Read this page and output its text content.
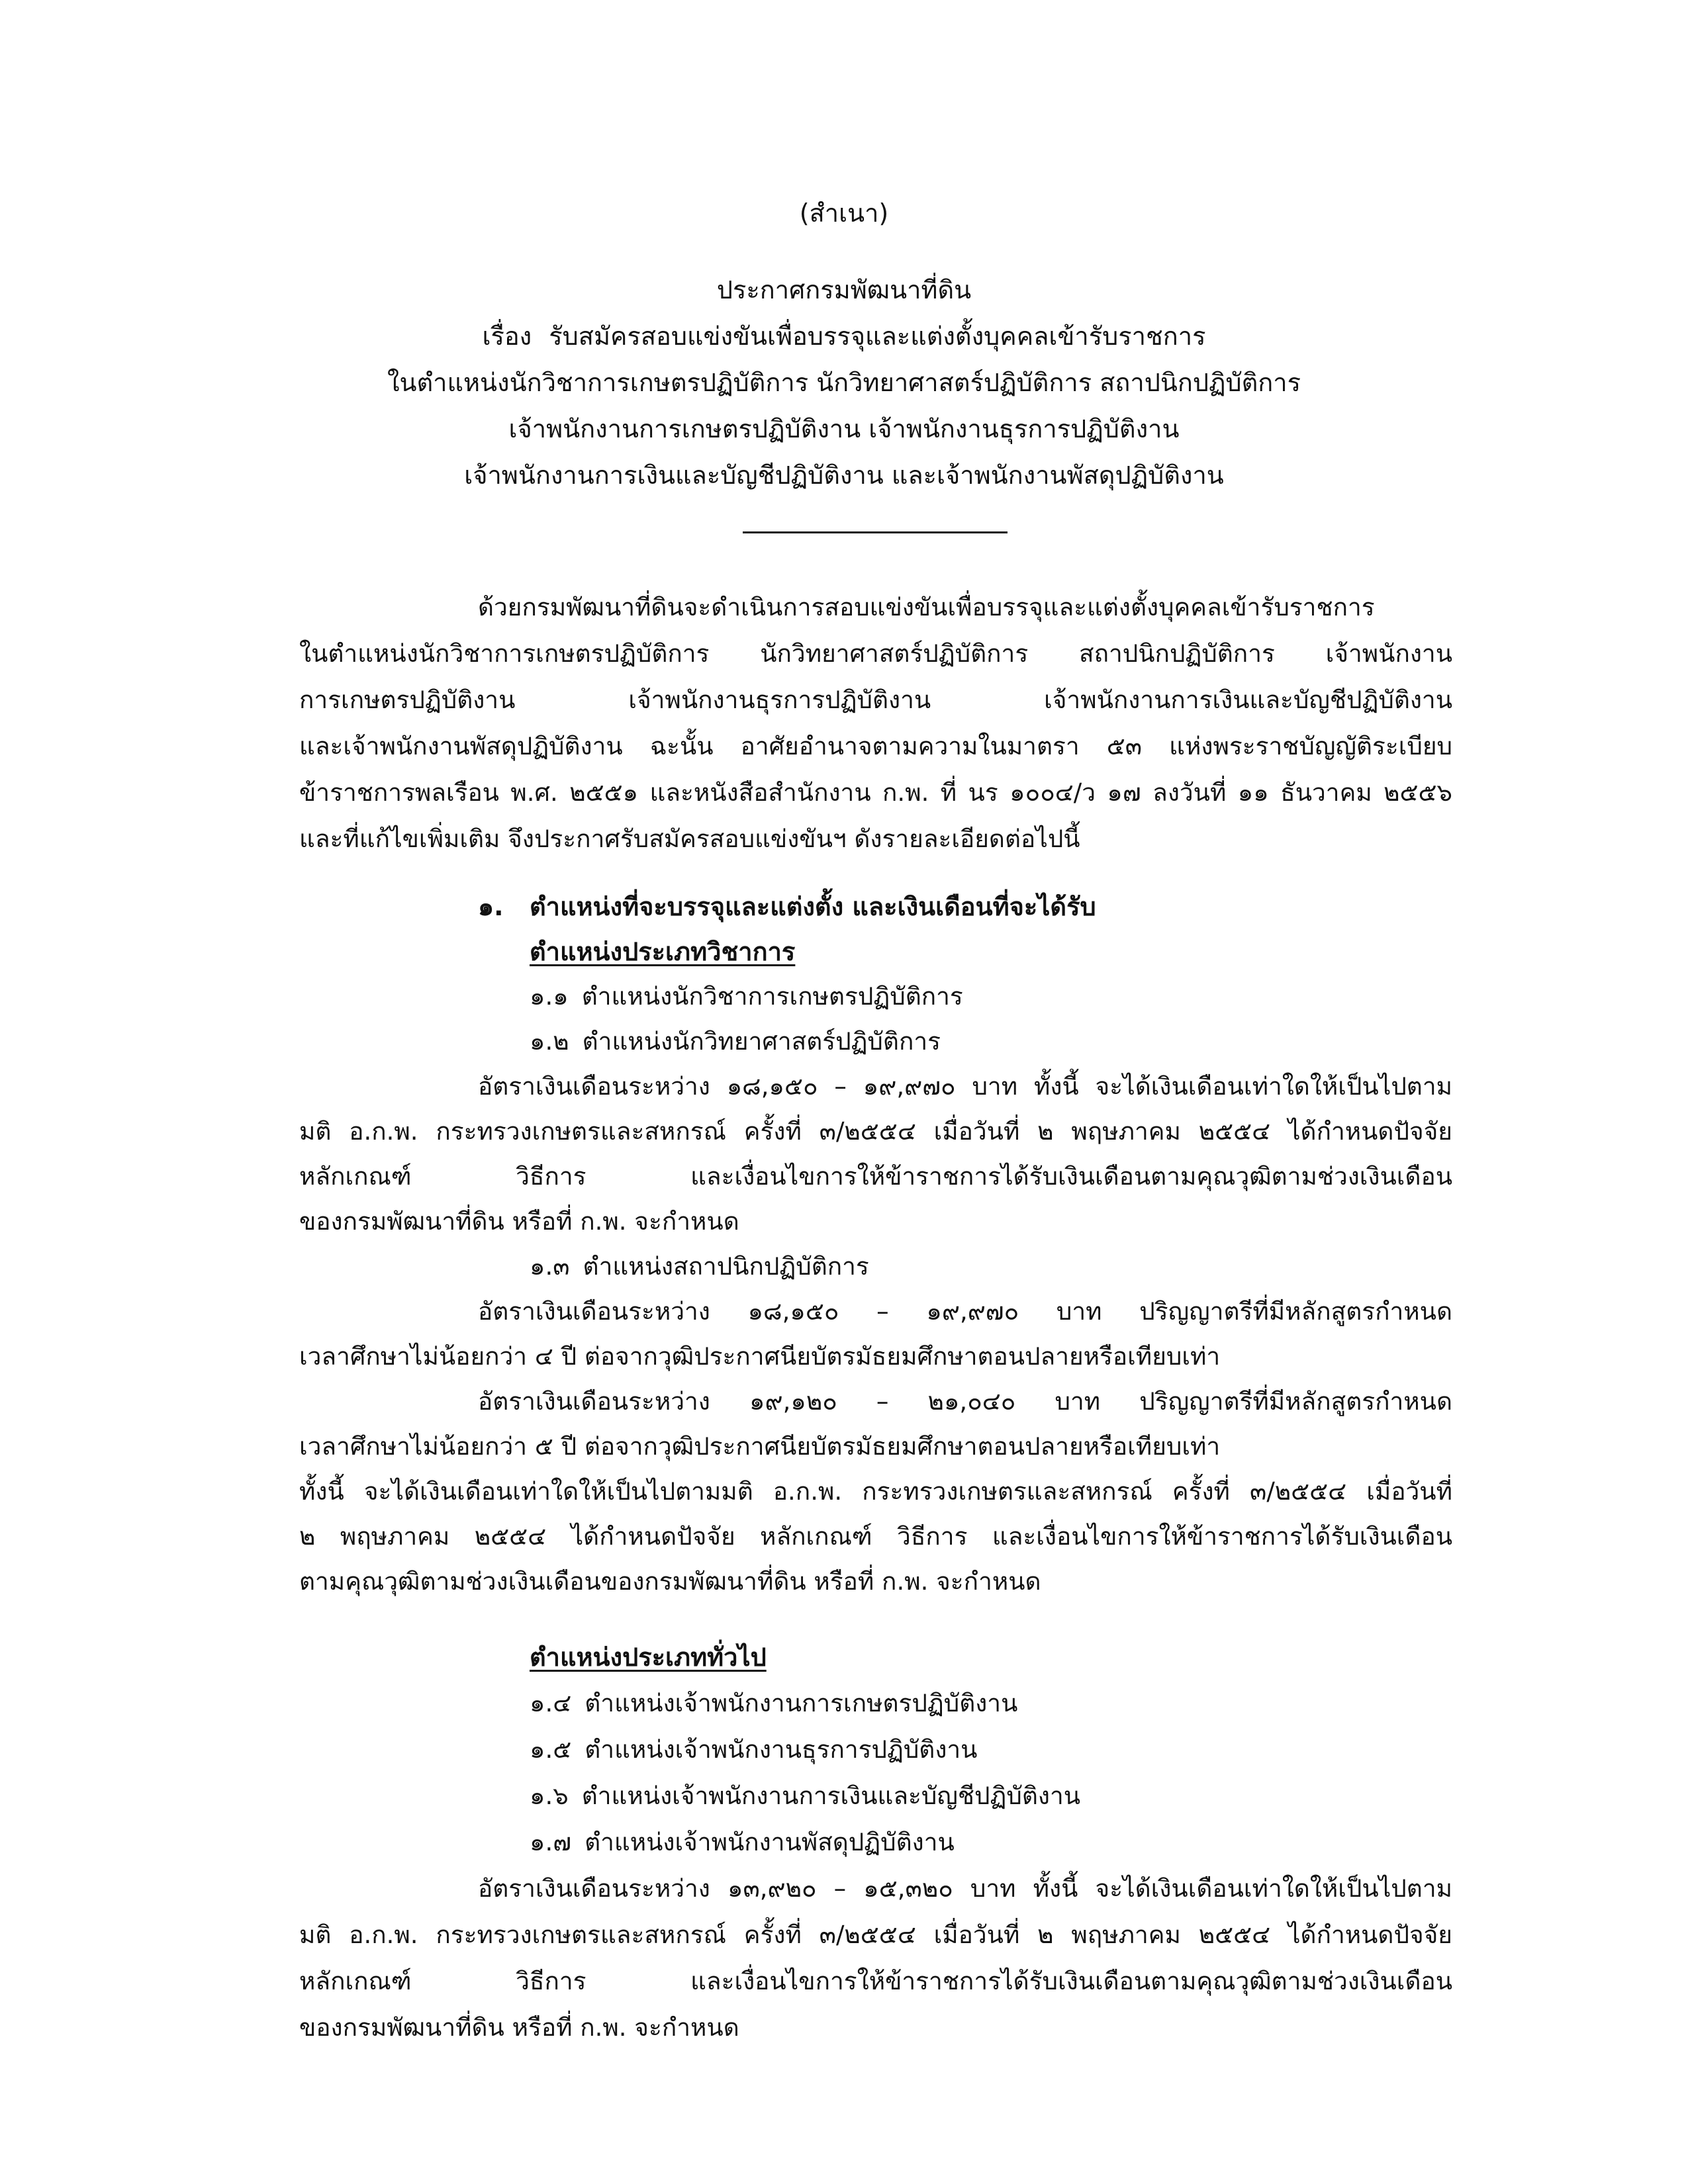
(สำเนา)
ประกาศกรมพัฒนาที่ดิน
เรื่อง รับสมัครสอบแข่งขันเพื่อบรรจุและแต่งตั้งบุคคลเข้ารับราชการ
ในตำแหน่งนักวิชาการเกษตรปฏิบัติการ นักวิทยาศาสตร์ปฏิบัติการ สถาปนิกปฏิบัติการ
เจ้าพนักงานการเกษตรปฏิบัติงาน เจ้าพนักงานธุรการปฏิบัติงาน
เจ้าพนักงานการเงินและบัญชีปฏิบัติงาน และเจ้าพนักงานพัสดุปฏิบัติงาน
ด้วยกรมพัฒนาที่ดินจะดำเนินการสอบแข่งขันเพื่อบรรจุและแต่งตั้งบุคคลเข้ารับราชการ
ในตำแหน่งนักวิชาการเกษตรปฏิบัติการ นักวิทยาศาสตร์ปฏิบัติการ สถาปนิกปฏิบัติการ เจ้าพนักงาน
การเกษตรปฏิบัติงาน เจ้าพนักงานธุรการปฏิบัติงาน เจ้าพนักงานการเงินและบัญชีปฏิบัติงาน
และเจ้าพนักงานพัสดุปฏิบัติงาน ฉะนั้น อาศัยอำนาจตามความในมาตรา ๕๓ แห่งพระราชบัญญัติระเบียบ
ข้าราชการพลเรือน พ.ศ. ๒๕๕๑ และหนังสือสำนักงาน ก.พ. ที่ นร ๑๐๐๔/ว ๑๗ ลงวันที่ ๑๑ ธันวาคม ๒๕๕๖
และที่แก้ไขเพิ่มเติม จึงประกาศรับสมัครสอบแข่งขันฯ ดังรายละเอียดต่อไปนี้
๑. ตำแหน่งที่จะบรรจุและแต่งตั้ง และเงินเดือนที่จะได้รับ
ตำแหน่งประเภทวิชาการ
๑.๑ ตำแหน่งนักวิชาการเกษตรปฏิบัติการ
๑.๒ ตำแหน่งนักวิทยาศาสตร์ปฏิบัติการ
อัตราเงินเดือนระหว่าง ๑๘,๑๕๐ – ๑๙,๙๗๐ บาท ทั้งนี้ จะได้เงินเดือนเท่าใดให้เป็นไปตาม
มติ อ.ก.พ. กระทรวงเกษตรและสหกรณ์ ครั้งที่ ๓/๒๕๕๔ เมื่อวันที่ ๒ พฤษภาคม ๒๕๕๔ ได้กำหนดปัจจัย
หลักเกณฑ์ วิธีการ และเงื่อนไขการให้ข้าราชการได้รับเงินเดือนตามคุณวุฒิตามช่วงเงินเดือน
ของกรมพัฒนาที่ดิน หรือที่ ก.พ. จะกำหนด
๑.๓ ตำแหน่งสถาปนิกปฏิบัติการ
อัตราเงินเดือนระหว่าง ๑๘,๑๕๐ – ๑๙,๙๗๐ บาท ปริญญาตรีที่มีหลักสูตรกำหนด
เวลาศึกษาไม่น้อยกว่า ๔ ปี ต่อจากวุฒิประกาศนียบัตรมัธยมศึกษาตอนปลายหรือเทียบเท่า
อัตราเงินเดือนระหว่าง ๑๙,๑๒๐ – ๒๑,๐๔๐ บาท ปริญญาตรีที่มีหลักสูตรกำหนด
เวลาศึกษาไม่น้อยกว่า ๕ ปี ต่อจากวุฒิประกาศนียบัตรมัธยมศึกษาตอนปลายหรือเทียบเท่า
ทั้งนี้ จะได้เงินเดือนเท่าใดให้เป็นไปตามมติ อ.ก.พ. กระทรวงเกษตรและสหกรณ์ ครั้งที่ ๓/๒๕๕๔ เมื่อวันที่
๒ พฤษภาคม ๒๕๕๔ ได้กำหนดปัจจัย หลักเกณฑ์ วิธีการ และเงื่อนไขการให้ข้าราชการได้รับเงินเดือน
ตามคุณวุฒิตามช่วงเงินเดือนของกรมพัฒนาที่ดิน หรือที่ ก.พ. จะกำหนด
ตำแหน่งประเภททั่วไป
๑.๔ ตำแหน่งเจ้าพนักงานการเกษตรปฏิบัติงาน
๑.๕ ตำแหน่งเจ้าพนักงานธุรการปฏิบัติงาน
๑.๖ ตำแหน่งเจ้าพนักงานการเงินและบัญชีปฏิบัติงาน
๑.๗ ตำแหน่งเจ้าพนักงานพัสดุปฏิบัติงาน
อัตราเงินเดือนระหว่าง ๑๓,๙๒๐ – ๑๕,๓๒๐ บาท ทั้งนี้ จะได้เงินเดือนเท่าใดให้เป็นไปตาม
มติ อ.ก.พ. กระทรวงเกษตรและสหกรณ์ ครั้งที่ ๓/๒๕๕๔ เมื่อวันที่ ๒ พฤษภาคม ๒๕๕๔ ได้กำหนดปัจจัย
หลักเกณฑ์ วิธีการ และเงื่อนไขการให้ข้าราชการได้รับเงินเดือนตามคุณวุฒิตามช่วงเงินเดือน
ของกรมพัฒนาที่ดิน หรือที่ ก.พ. จะกำหนด
